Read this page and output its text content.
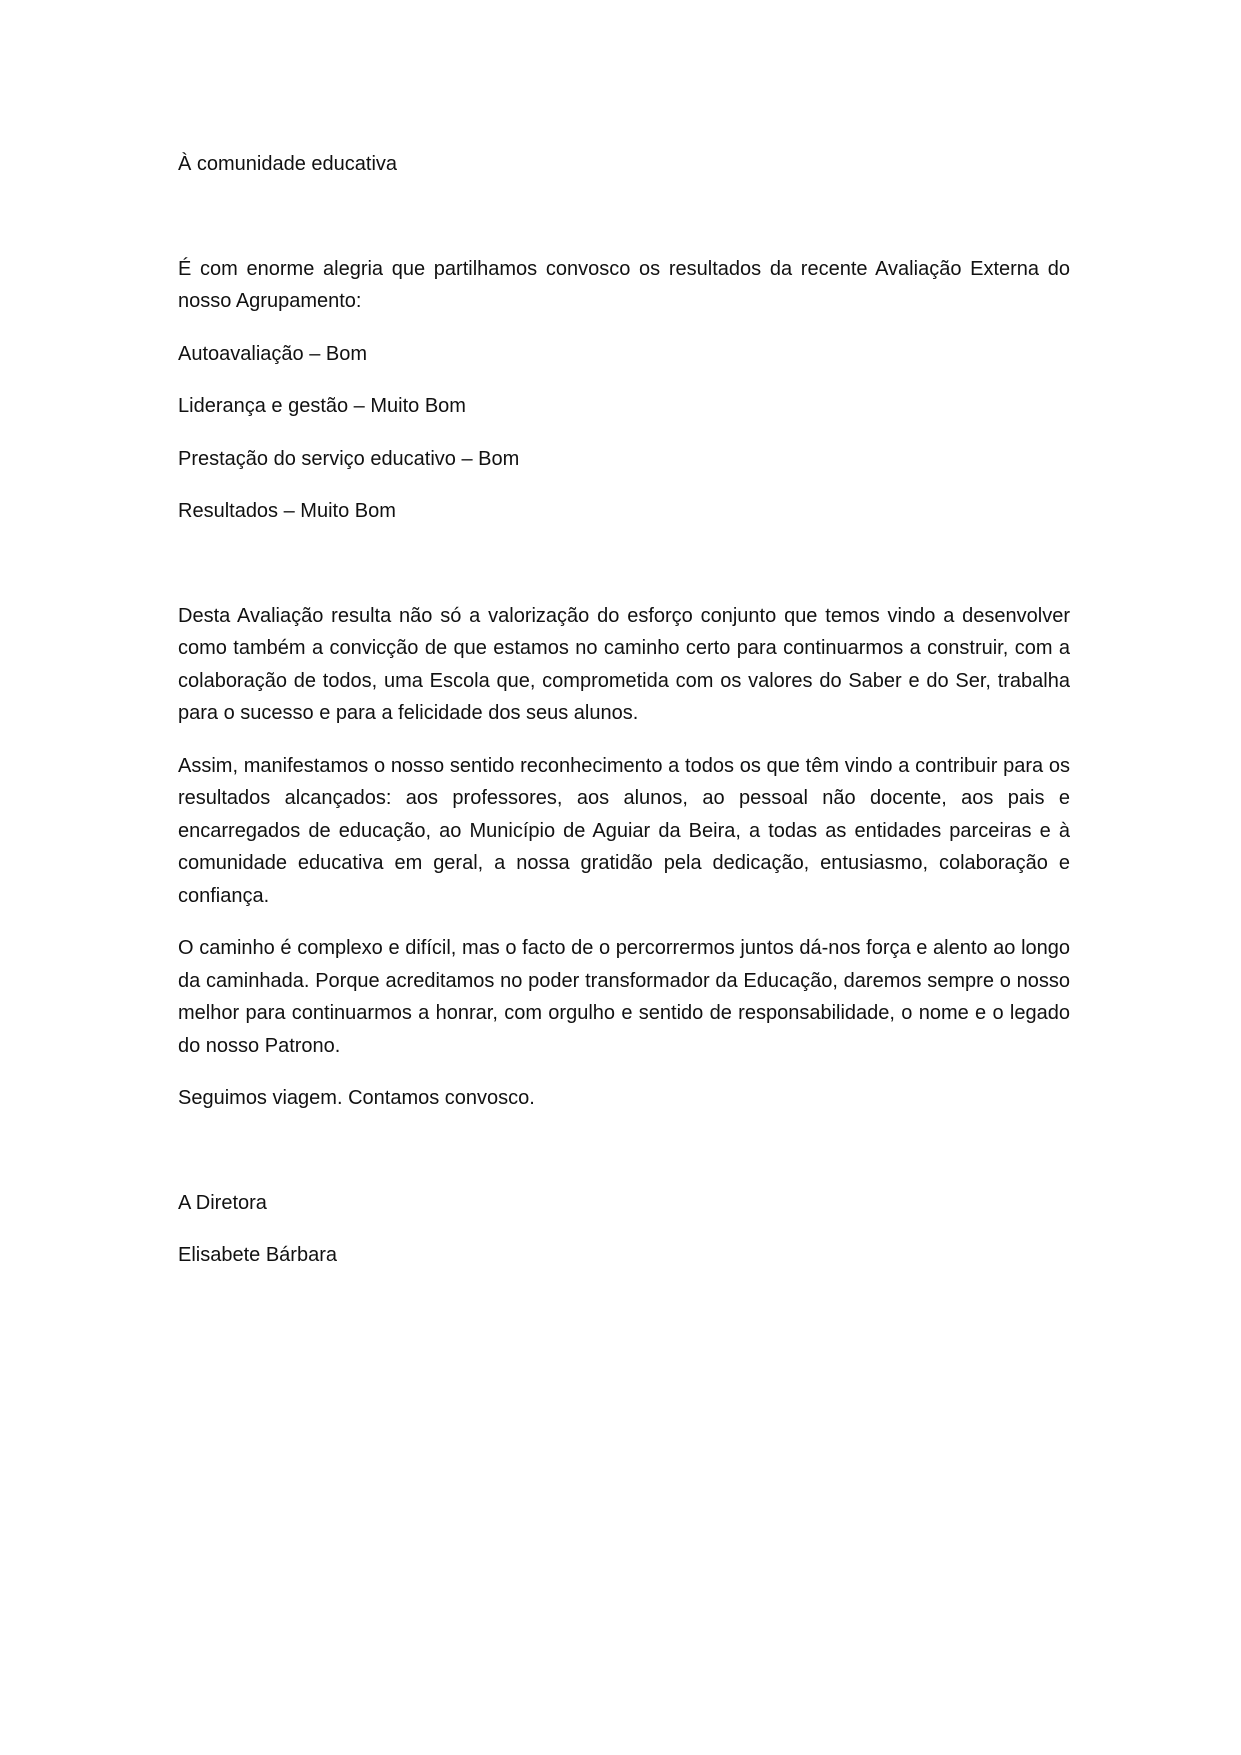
À comunidade educativa

É com enorme alegria que partilhamos convosco os resultados da recente Avaliação Externa do nosso Agrupamento:

Autoavaliação – Bom

Liderança e gestão – Muito Bom

Prestação do serviço educativo – Bom

Resultados – Muito Bom

Desta Avaliação resulta não só a valorização do esforço conjunto que temos vindo a desenvolver como também a convicção de que estamos no caminho certo para continuarmos a construir, com a colaboração de todos, uma Escola que, comprometida com os valores do Saber e do Ser, trabalha para o sucesso e para a felicidade dos seus alunos.

Assim, manifestamos o nosso sentido reconhecimento a todos os que têm vindo a contribuir para os resultados alcançados: aos professores, aos alunos, ao pessoal não docente, aos pais e encarregados de educação, ao Município de Aguiar da Beira, a todas as entidades parceiras e à comunidade educativa em geral, a nossa gratidão pela dedicação, entusiasmo, colaboração e confiança.

O caminho é complexo e difícil, mas o facto de o percorrermos juntos dá-nos força e alento ao longo da caminhada. Porque acreditamos no poder transformador da Educação, daremos sempre o nosso melhor para continuarmos a honrar, com orgulho e sentido de responsabilidade, o nome e o legado do nosso Patrono.

Seguimos viagem. Contamos convosco.

A Diretora

Elisabete Bárbara
